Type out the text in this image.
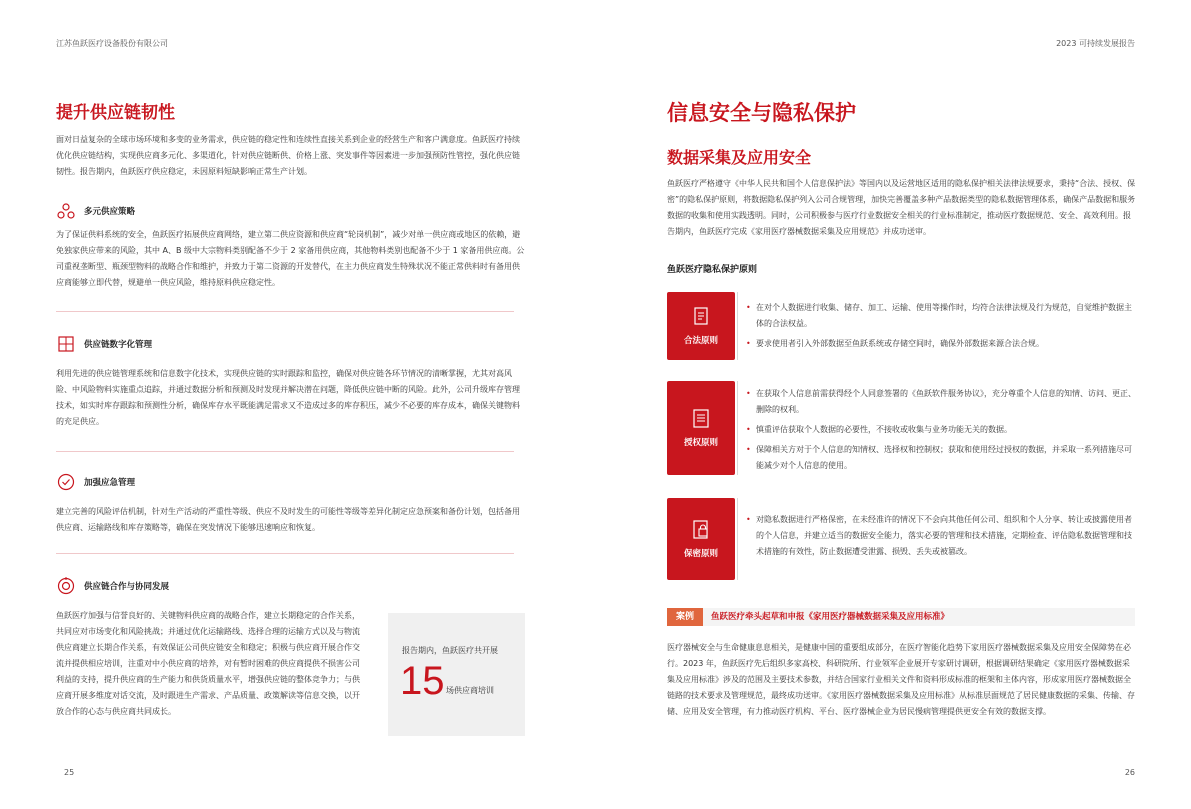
江苏鱼跃医疗设备股份有限公司	2023 可持续发展报告
提升供应链韧性
面对日益复杂的全球市场环境和多变的业务需求，供应链的稳定性和连续性直接关系到企业的经营生产和客户满意度。鱼跃医疗持续优化供应链结构，实现供应商多元化、多渠道化，针对供应链断供、价格上涨、突发事件等因素进一步加强预防性管控，强化供应链韧性。报告期内，鱼跃医疗供应稳定，未因原料短缺影响正常生产计划。
多元供应策略
为了保证供料系统的安全，鱼跃医疗拓展供应商网络，建立第二供应资源和供应商“轮岗机制”，减少对单一供应商或地区的依赖，避免独家供应带来的风险，其中 A、B 级中大宗物料类别配备不少于 2 家备用供应商，其他物料类别也配备不少于 1 家备用供应商。公司重视垄断型、瓶颈型物料的战略合作和维护，并致力于第二资源的开发替代，在主力供应商发生特殊状况不能正常供料时有备用供应商能够立即代替，规避单一供应风险，维持原料供应稳定性。
供应链数字化管理
利用先进的供应链管理系统和信息数字化技术，实现供应链的实时跟踪和监控，确保对供应链各环节情况的清晰掌握，尤其对高风险、中风险物料实施重点追踪，并通过数据分析和预测及时发现并解决潜在问题，降低供应链中断的风险。此外，公司升级库存管理技术，如实时库存跟踪和预测性分析，确保库存水平既能满足需求又不造成过多的库存积压，减少不必要的库存成本，确保关键物料的充足供应。
加强应急管理
建立完善的风险评估机制，针对生产活动的严重性等级、供应不及时发生的可能性等级等差异化制定应急预案和备份计划，包括备用供应商、运输路线和库存策略等，确保在突发情况下能够迅速响应和恢复。
供应链合作与协同发展
鱼跃医疗加强与信誉良好的、关键物料供应商的战略合作，建立长期稳定的合作关系，共同应对市场变化和风险挑战；并通过优化运输路线、选择合理的运输方式以及与物流供应商建立长期合作关系，有效保证公司供应链安全和稳定；积极与供应商开展合作交流并提供相应培训，注重对中小供应商的培养，对有暂时困难的供应商提供不损害公司利益的支持，提升供应商的生产能力和供货质量水平，增强供应链的整体竞争力；与供应商开展多维度对话交流，及时跟进生产需求、产品质量、政策解读等信息交换，以开放合作的心态与供应商共同成长。
报告期内，鱼跃医疗共开展
15 场供应商培训
25
信息安全与隐私保护
数据采集及应用安全
鱼跃医疗严格遵守《中华人民共和国个人信息保护法》等国内以及运营地区适用的隐私保护相关法律法规要求，秉持“合法、授权、保密”的隐私保护原则，将数据隐私保护列入公司合规管理，加快完善覆盖多种产品数据类型的隐私数据管理体系，确保产品数据和服务数据的收集和使用实践透明。同时，公司积极参与医疗行业数据安全相关的行业标准制定，推动医疗数据规范、安全、高效利用。报告期内，鱼跃医疗完成《家用医疗器械数据采集及应用规范》并成功送审。
鱼跃医疗隐私保护原则
合法原则
• 在对个人数据进行收集、储存、加工、运输、使用等操作时，均符合法律法规及行为规范，自觉维护数据主体的合法权益。
• 要求使用者引入外部数据至鱼跃系统或存储空间时，确保外部数据来源合法合规。
授权原则
• 在获取个人信息前需获得经个人同意签署的《鱼跃软件服务协议》，充分尊重个人信息的知情、访问、更正、删除的权利。
• 慎重评估获取个人数据的必要性，不接收或收集与业务功能无关的数据。
• 保障相关方对于个人信息的知情权、选择权和控制权；获取和使用经过授权的数据，并采取一系列措施尽可能减少对个人信息的使用。
保密原则
• 对隐私数据进行严格保密，在未经准许的情况下不会向其他任何公司、组织和个人分享、转让或披露使用者的个人信息，并建立适当的数据安全能力，落实必要的管理和技术措施，定期检查、评估隐私数据管理和技术措施的有效性，防止数据遭受泄露、损毁、丢失或被篡改。
案例	鱼跃医疗牵头起草和申报《家用医疗器械数据采集及应用标准》
医疗器械安全与生命健康息息相关，是健康中国的重要组成部分，在医疗智能化趋势下家用医疗器械数据采集及应用安全保障势在必行。2023 年，鱼跃医疗先后组织多家高校、科研院所、行业领军企业展开专家研讨调研，根据调研结果确定《家用医疗器械数据采集及应用标准》涉及的范围及主要技术参数，并结合国家行业相关文件和资料形成标准的框架和主体内容，形成家用医疗器械数据全链路的技术要求及管理规范，最终成功送审。《家用医疗器械数据采集及应用标准》从标准层面规范了居民健康数据的采集、传输、存储、应用及安全管理，有力推动医疗机构、平台、医疗器械企业为居民慢病管理提供更安全有效的数据支撑。
26
